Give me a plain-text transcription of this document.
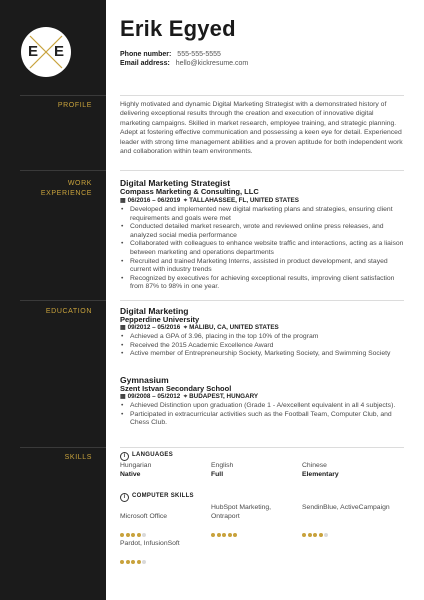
E E
PROFILE
WORK
EXPERIENCE
EDUCATION
SKILLS
Erik Egyed
Phone number: 555-555-5555
Email address: hello@kickresume.com
Highly motivated and dynamic Digital Marketing Strategist with a demonstrated history of delivering exceptional results through the creation and execution of innovative digital marketing campaigns. Skilled in market research, employee training, and strategic planning. Adept at fostering effective communication and possessing a keen eye for detail. Experienced leader with strong time management abilities and a proven aptitude for both independent work and collaboration within team environments.
Digital Marketing Strategist
Compass Marketing & Consulting, LLC
▦ 06/2016 – 06/2019 ⌖ TALLAHASSEE, FL, UNITED STATES
• Developed and implemented new digital marketing plans and strategies, ensuring client requirements and goals were met
• Conducted detailed market research, wrote and reviewed online press releases, and analyzed social media performance
• Collaborated with colleagues to enhance website traffic and interactions, acting as a liaison between marketing and operations departments
• Recruited and trained Marketing Interns, assisted in product development, and stayed current with industry trends
• Recognized by executives for achieving exceptional results, improving client satisfaction from 87% to 98% in one year.
Digital Marketing
Pepperdine University
▦ 09/2012 – 05/2016 ⌖ MALIBU, CA, UNITED STATES
• Achieved a GPA of 3.96, placing in the top 10% of the program
• Received the 2015 Academic Excellence Award
• Active member of Entrepreneurship Society, Marketing Society, and Swimming Society
Gymnasium
Szent Istvan Secondary School
▦ 09/2008 – 05/2012 ⌖ BUDAPEST, HUNGARY
• Achieved Distinction upon graduation (Grade 1 - A/excellent equivalent in all 4 subjects).
• Participated in extracurricular activities such as the Football Team, Computer Club, and Chess Club.
i LANGUAGES
Hungarian
Native
English
Full
Chinese
Elementary
i COMPUTER SKILLS
Microsoft Office
HubSpot Marketing, Ontraport
SendinBlue, ActiveCampaign
Pardot, InfusionSoft
